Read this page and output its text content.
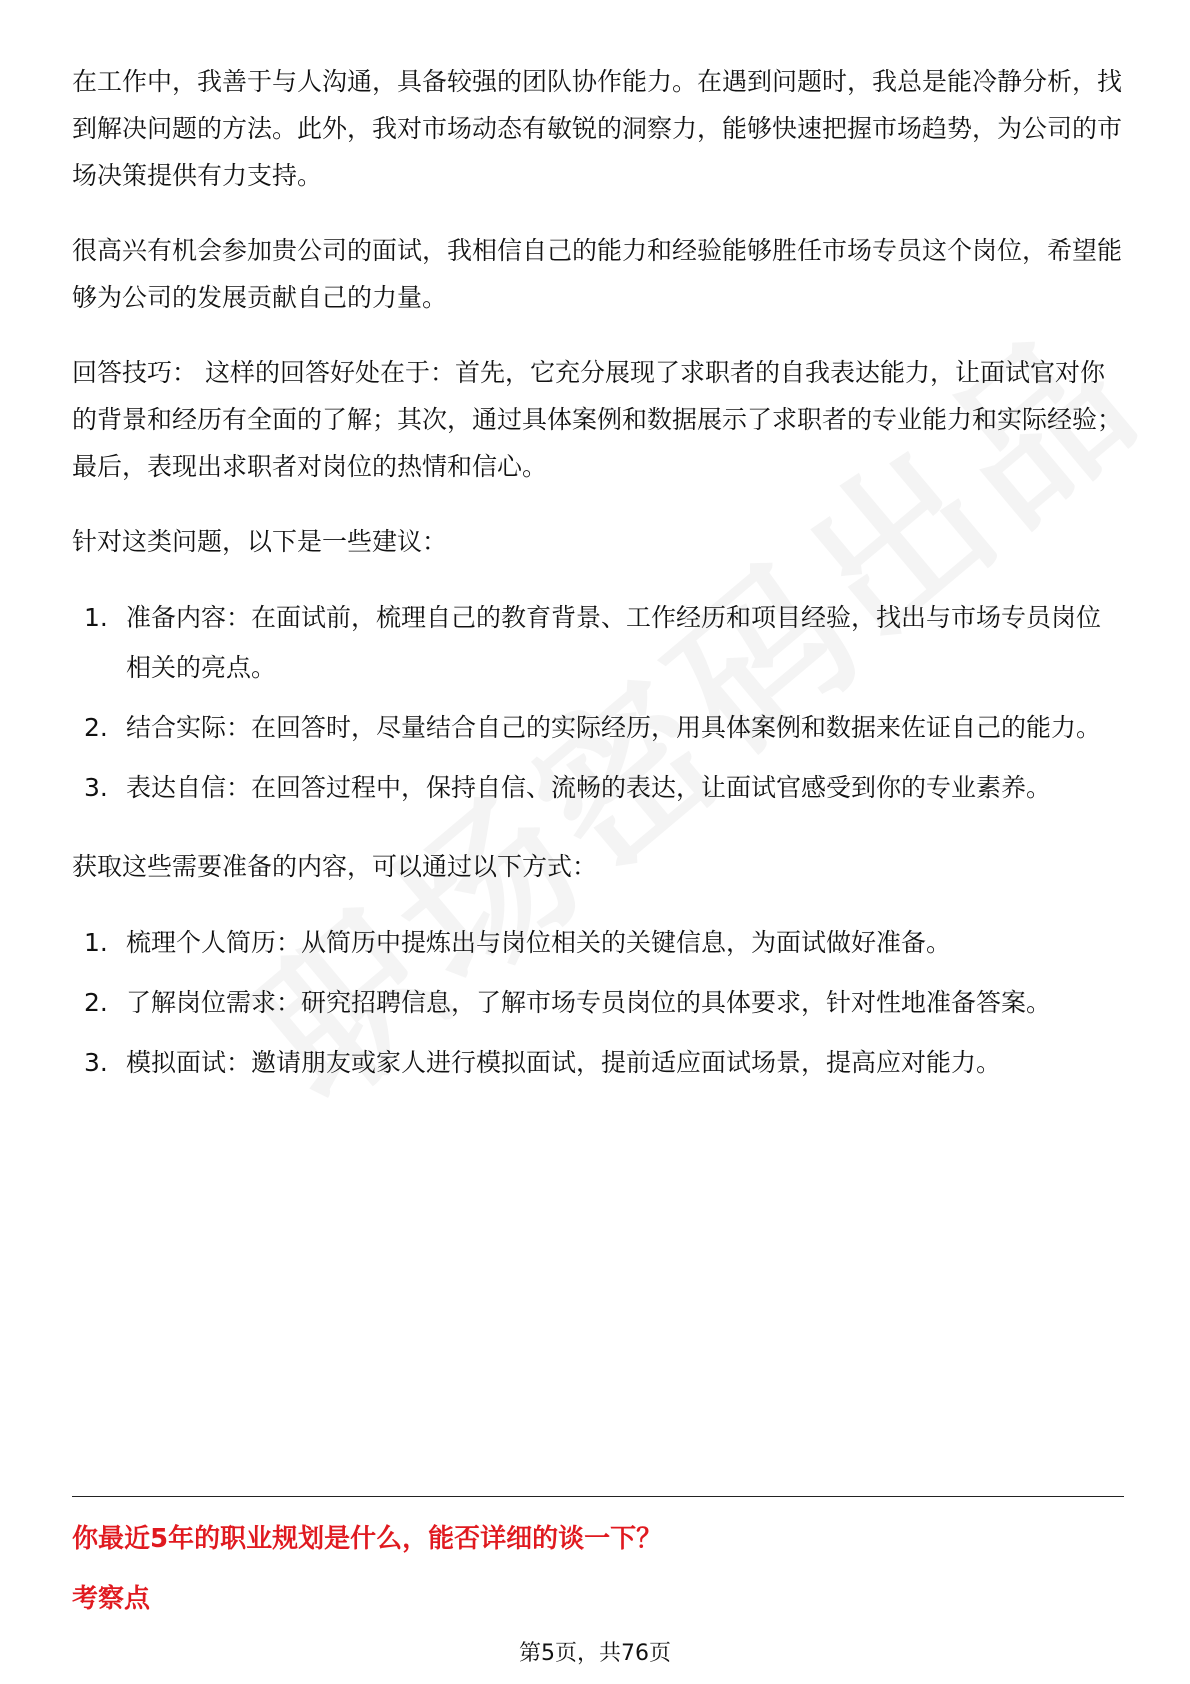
在工作中，我善于与人沟通，具备较强的团队协作能力。在遇到问题时，我总是能冷静分析，找到解决问题的方法。此外，我对市场动态有敏锐的洞察力，能够快速把握市场趋势，为公司的市场决策提供有力支持。

很高兴有机会参加贵公司的面试，我相信自己的能力和经验能够胜任市场专员这个岗位，希望能够为公司的发展贡献自己的力量。

回答技巧： 这样的回答好处在于：首先，它充分展现了求职者的自我表达能力，让面试官对你的背景和经历有全面的了解；其次，通过具体案例和数据展示了求职者的专业能力和实际经验；最后，表现出求职者对岗位的热情和信心。

针对这类问题，以下是一些建议：

1. 准备内容：在面试前，梳理自己的教育背景、工作经历和项目经验，找出与市场专员岗位相关的亮点。
2. 结合实际：在回答时，尽量结合自己的实际经历，用具体案例和数据来佐证自己的能力。
3. 表达自信：在回答过程中，保持自信、流畅的表达，让面试官感受到你的专业素养。

获取这些需要准备的内容，可以通过以下方式：

1. 梳理个人简历：从简历中提炼出与岗位相关的关键信息，为面试做好准备。
2. 了解岗位需求：研究招聘信息，了解市场专员岗位的具体要求，针对性地准备答案。
3. 模拟面试：邀请朋友或家人进行模拟面试，提前适应面试场景，提高应对能力。
你最近5年的职业规划是什么，能否详细的谈一下？
考察点
第5页，共76页
